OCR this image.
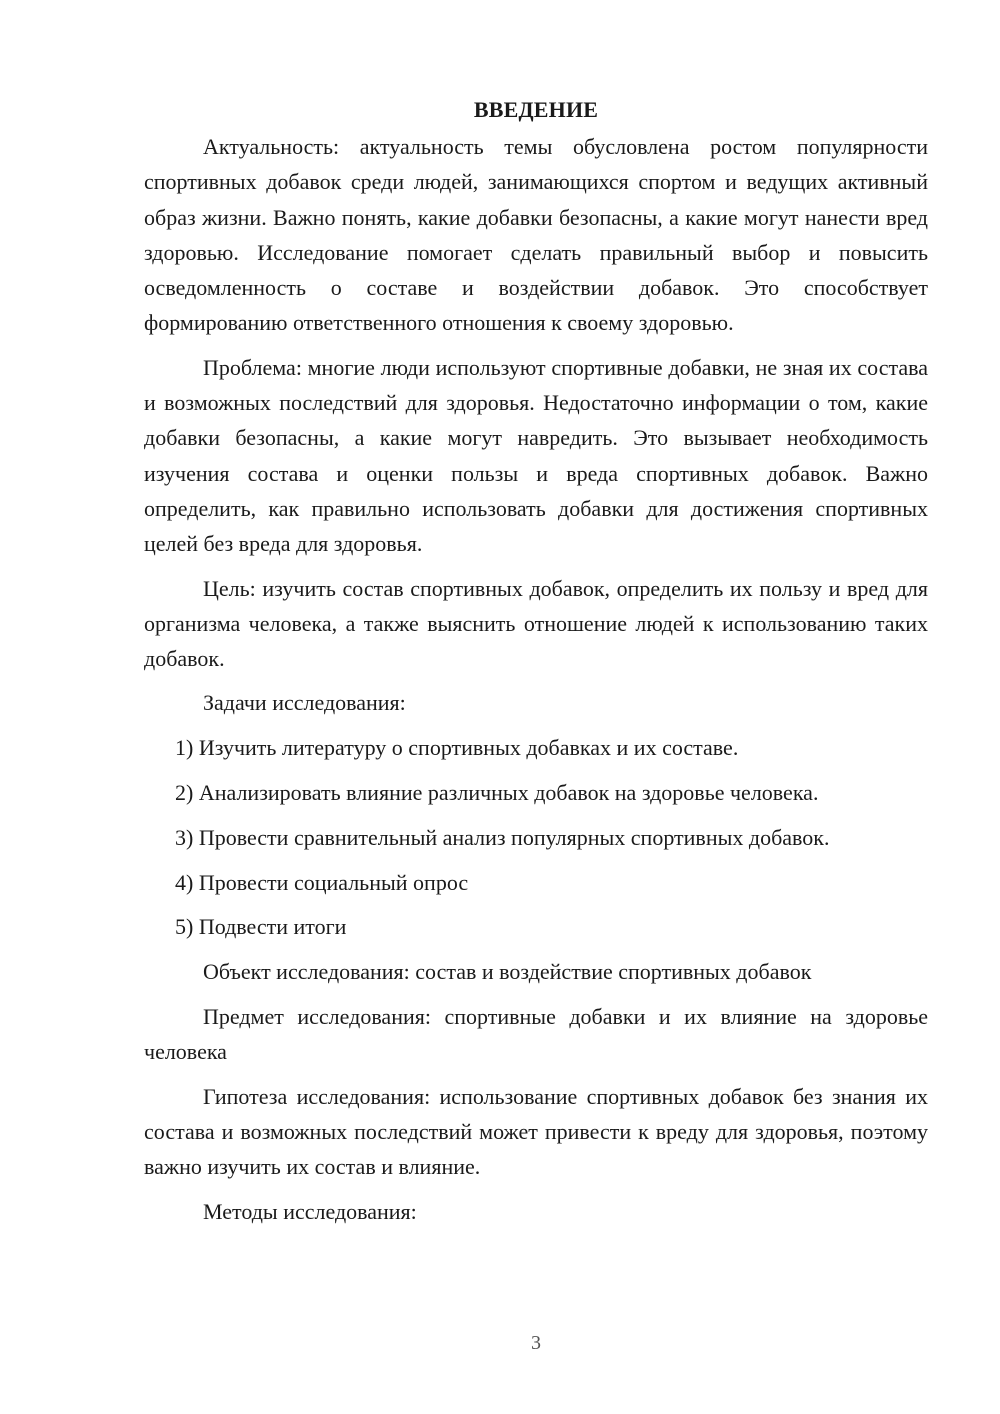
ВВЕДЕНИЕ

Актуальность: актуальность темы обусловлена ростом популярности спортивных добавок среди людей, занимающихся спортом и ведущих активный образ жизни. Важно понять, какие добавки безопасны, а какие могут нанести вред здоровью. Исследование помогает сделать правильный выбор и повысить осведомленность о составе и воздействии добавок. Это способствует формированию ответственного отношения к своему здоровью.

Проблема: многие люди используют спортивные добавки, не зная их состава и возможных последствий для здоровья. Недостаточно информации о том, какие добавки безопасны, а какие могут навредить. Это вызывает необходимость изучения состава и оценки пользы и вреда спортивных добавок. Важно определить, как правильно использовать добавки для достижения спортивных целей без вреда для здоровья.

Цель: изучить состав спортивных добавок, определить их пользу и вред для организма человека, а также выяснить отношение людей к использованию таких добавок.

Задачи исследования:

1) Изучить литературу о спортивных добавках и их составе.

2) Анализировать влияние различных добавок на здоровье человека.

3) Провести сравнительный анализ популярных спортивных добавок.

4) Провести социальный опрос

5) Подвести итоги

Объект исследования: состав и воздействие спортивных добавок

Предмет исследования: спортивные добавки и их влияние на здоровье человека

Гипотеза исследования: использование спортивных добавок без знания их состава и возможных последствий может привести к вреду для здоровья, поэтому важно изучить их состав и влияние.

Методы исследования:

3
